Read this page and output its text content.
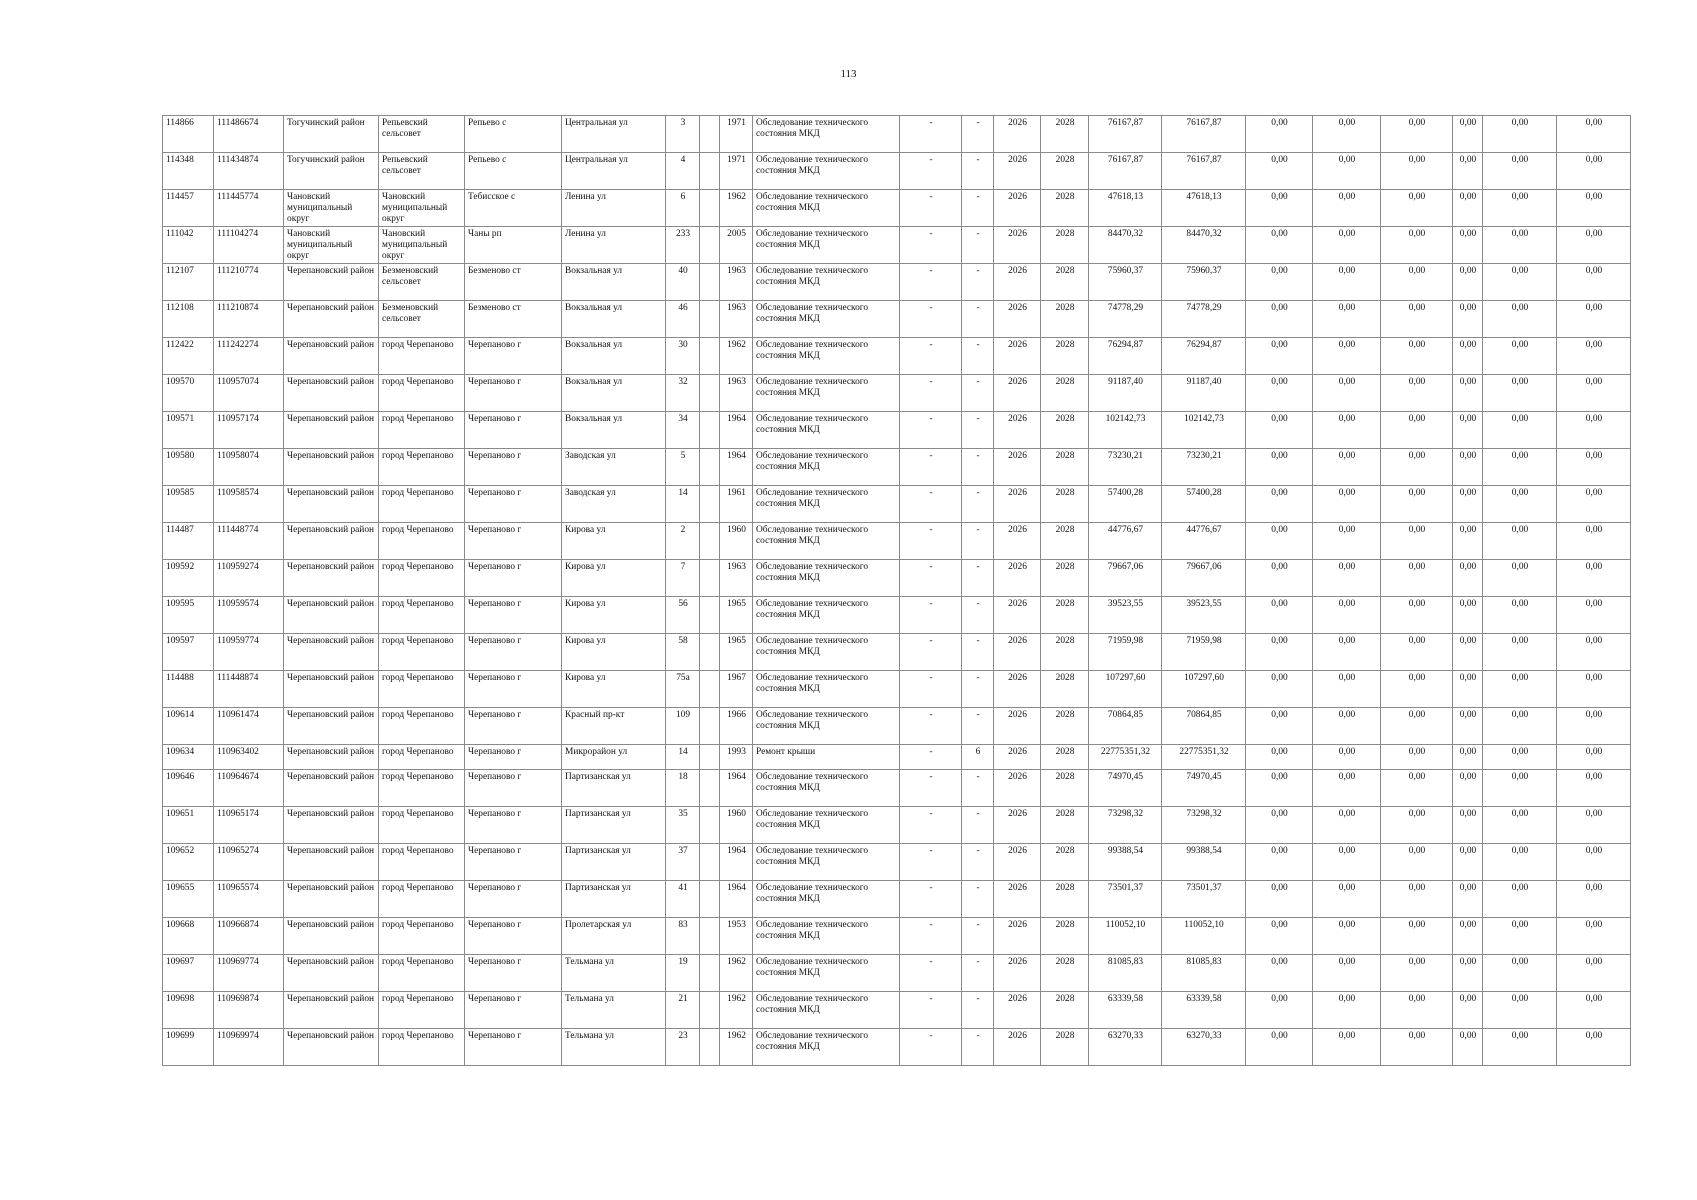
113
114866	111486674	Тогучинский район	Репьевский сельсовет	Репьево с	Центральная ул	3		1971	Обследование технического состояния МКД	-	-	2026	2028	76167,87	76167,87	0,00	0,00	0,00	0,00	0,00	0,00
114348	111434874	Тогучинский район	Репьевский сельсовет	Репьево с	Центральная ул	4		1971	Обследование технического состояния МКД	-	-	2026	2028	76167,87	76167,87	0,00	0,00	0,00	0,00	0,00	0,00
114457	111445774	Чановский муниципальный округ	Чановский муниципальный округ	Тебисское с	Ленина ул	6		1962	Обследование технического состояния МКД	-	-	2026	2028	47618,13	47618,13	0,00	0,00	0,00	0,00	0,00	0,00
111042	111104274	Чановский муниципальный округ	Чановский муниципальный округ	Чаны рп	Ленина ул	233		2005	Обследование технического состояния МКД	-	-	2026	2028	84470,32	84470,32	0,00	0,00	0,00	0,00	0,00	0,00
112107	111210774	Черепановский район	Безменовский сельсовет	Безменово ст	Вокзальная ул	40		1963	Обследование технического состояния МКД	-	-	2026	2028	75960,37	75960,37	0,00	0,00	0,00	0,00	0,00	0,00
112108	111210874	Черепановский район	Безменовский сельсовет	Безменово ст	Вокзальная ул	46		1963	Обследование технического состояния МКД	-	-	2026	2028	74778,29	74778,29	0,00	0,00	0,00	0,00	0,00	0,00
112422	111242274	Черепановский район	город Черепаново	Черепаново г	Вокзальная ул	30		1962	Обследование технического состояния МКД	-	-	2026	2028	76294,87	76294,87	0,00	0,00	0,00	0,00	0,00	0,00
109570	110957074	Черепановский район	город Черепаново	Черепаново г	Вокзальная ул	32		1963	Обследование технического состояния МКД	-	-	2026	2028	91187,40	91187,40	0,00	0,00	0,00	0,00	0,00	0,00
109571	110957174	Черепановский район	город Черепаново	Черепаново г	Вокзальная ул	34		1964	Обследование технического состояния МКД	-	-	2026	2028	102142,73	102142,73	0,00	0,00	0,00	0,00	0,00	0,00
109580	110958074	Черепановский район	город Черепаново	Черепаново г	Заводская ул	5		1964	Обследование технического состояния МКД	-	-	2026	2028	73230,21	73230,21	0,00	0,00	0,00	0,00	0,00	0,00
109585	110958574	Черепановский район	город Черепаново	Черепаново г	Заводская ул	14		1961	Обследование технического состояния МКД	-	-	2026	2028	57400,28	57400,28	0,00	0,00	0,00	0,00	0,00	0,00
114487	111448774	Черепановский район	город Черепаново	Черепаново г	Кирова ул	2		1960	Обследование технического состояния МКД	-	-	2026	2028	44776,67	44776,67	0,00	0,00	0,00	0,00	0,00	0,00
109592	110959274	Черепановский район	город Черепаново	Черепаново г	Кирова ул	7		1963	Обследование технического состояния МКД	-	-	2026	2028	79667,06	79667,06	0,00	0,00	0,00	0,00	0,00	0,00
109595	110959574	Черепановский район	город Черепаново	Черепаново г	Кирова ул	56		1965	Обследование технического состояния МКД	-	-	2026	2028	39523,55	39523,55	0,00	0,00	0,00	0,00	0,00	0,00
109597	110959774	Черепановский район	город Черепаново	Черепаново г	Кирова ул	58		1965	Обследование технического состояния МКД	-	-	2026	2028	71959,98	71959,98	0,00	0,00	0,00	0,00	0,00	0,00
114488	111448874	Черепановский район	город Черепаново	Черепаново г	Кирова ул	75а		1967	Обследование технического состояния МКД	-	-	2026	2028	107297,60	107297,60	0,00	0,00	0,00	0,00	0,00	0,00
109614	110961474	Черепановский район	город Черепаново	Черепаново г	Красный пр-кт	109		1966	Обследование технического состояния МКД	-	-	2026	2028	70864,85	70864,85	0,00	0,00	0,00	0,00	0,00	0,00
109634	110963402	Черепановский район	город Черепаново	Черепаново г	Микрорайон ул	14		1993	Ремонт крыши	-	6	2026	2028	22775351,32	22775351,32	0,00	0,00	0,00	0,00	0,00	0,00
109646	110964674	Черепановский район	город Черепаново	Черепаново г	Партизанская ул	18		1964	Обследование технического состояния МКД	-	-	2026	2028	74970,45	74970,45	0,00	0,00	0,00	0,00	0,00	0,00
109651	110965174	Черепановский район	город Черепаново	Черепаново г	Партизанская ул	35		1960	Обследование технического состояния МКД	-	-	2026	2028	73298,32	73298,32	0,00	0,00	0,00	0,00	0,00	0,00
109652	110965274	Черепановский район	город Черепаново	Черепаново г	Партизанская ул	37		1964	Обследование технического состояния МКД	-	-	2026	2028	99388,54	99388,54	0,00	0,00	0,00	0,00	0,00	0,00
109655	110965574	Черепановский район	город Черепаново	Черепаново г	Партизанская ул	41		1964	Обследование технического состояния МКД	-	-	2026	2028	73501,37	73501,37	0,00	0,00	0,00	0,00	0,00	0,00
109668	110966874	Черепановский район	город Черепаново	Черепаново г	Пролетарская ул	83		1953	Обследование технического состояния МКД	-	-	2026	2028	110052,10	110052,10	0,00	0,00	0,00	0,00	0,00	0,00
109697	110969774	Черепановский район	город Черепаново	Черепаново г	Тельмана ул	19		1962	Обследование технического состояния МКД	-	-	2026	2028	81085,83	81085,83	0,00	0,00	0,00	0,00	0,00	0,00
109698	110969874	Черепановский район	город Черепаново	Черепаново г	Тельмана ул	21		1962	Обследование технического состояния МКД	-	-	2026	2028	63339,58	63339,58	0,00	0,00	0,00	0,00	0,00	0,00
109699	110969974	Черепановский район	город Черепаново	Черепаново г	Тельмана ул	23		1962	Обследование технического состояния МКД	-	-	2026	2028	63270,33	63270,33	0,00	0,00	0,00	0,00	0,00	0,00
